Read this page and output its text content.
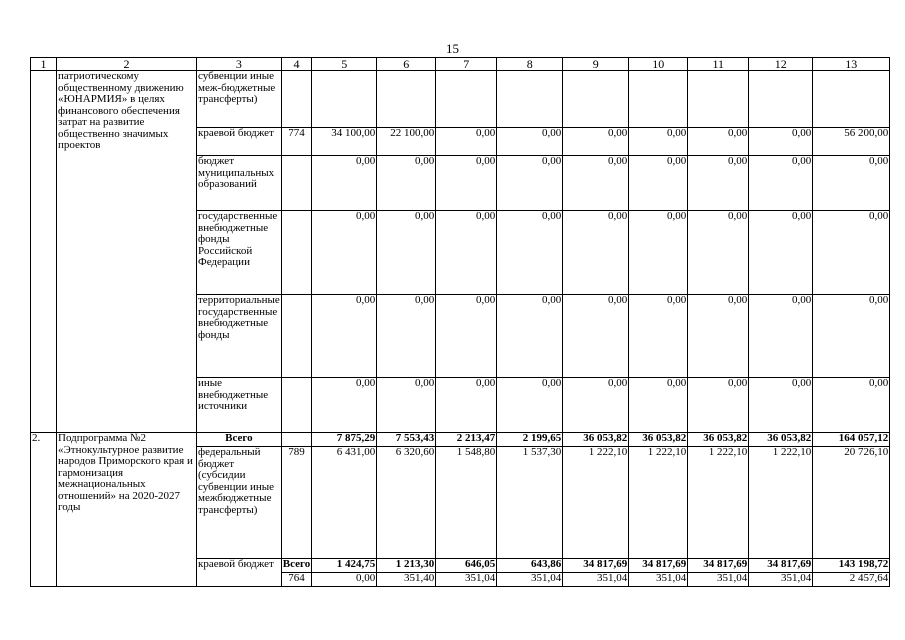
15
1	2	3	4	5	6	7	8	9	10	11	12	13
	патриотическому общественному движению «ЮНАРМИЯ» в целях финансового обеспечения затрат на развитие общественно значимых проектов	субвенции иные меж-бюджетные трансферты)										
		краевой бюджет	774	34 100,00	22 100,00	0,00	0,00	0,00	0,00	0,00	0,00	56 200,00
		бюджет муниципальных образований		0,00	0,00	0,00	0,00	0,00	0,00	0,00	0,00	0,00
		государственные внебюджетные фонды Российской Федерации		0,00	0,00	0,00	0,00	0,00	0,00	0,00	0,00	0,00
		территориальные государственные внебюджетные фонды		0,00	0,00	0,00	0,00	0,00	0,00	0,00	0,00	0,00
		иные внебюджетные источники		0,00	0,00	0,00	0,00	0,00	0,00	0,00	0,00	0,00
2.	Подпрограмма №2
«Этнокультурное развитие народов Приморского края и гармонизация межнациональных отношений» на 2020-2027 годы	Всего		7 875,29	7 553,43	2 213,47	2 199,65	36 053,82	36 053,82	36 053,82	36 053,82	164 057,12
		федеральный бюджет (субсидии субвенции иные межбюджетные трансферты)	789	6 431,00	6 320,60	1 548,80	1 537,30	1 222,10	1 222,10	1 222,10	1 222,10	20 726,10
		краевой бюджет	Всего	1 424,75	1 213,30	646,05	643,86	34 817,69	34 817,69	34 817,69	34 817,69	143 198,72
			764	0,00	351,40	351,04	351,04	351,04	351,04	351,04	351,04	2 457,64
